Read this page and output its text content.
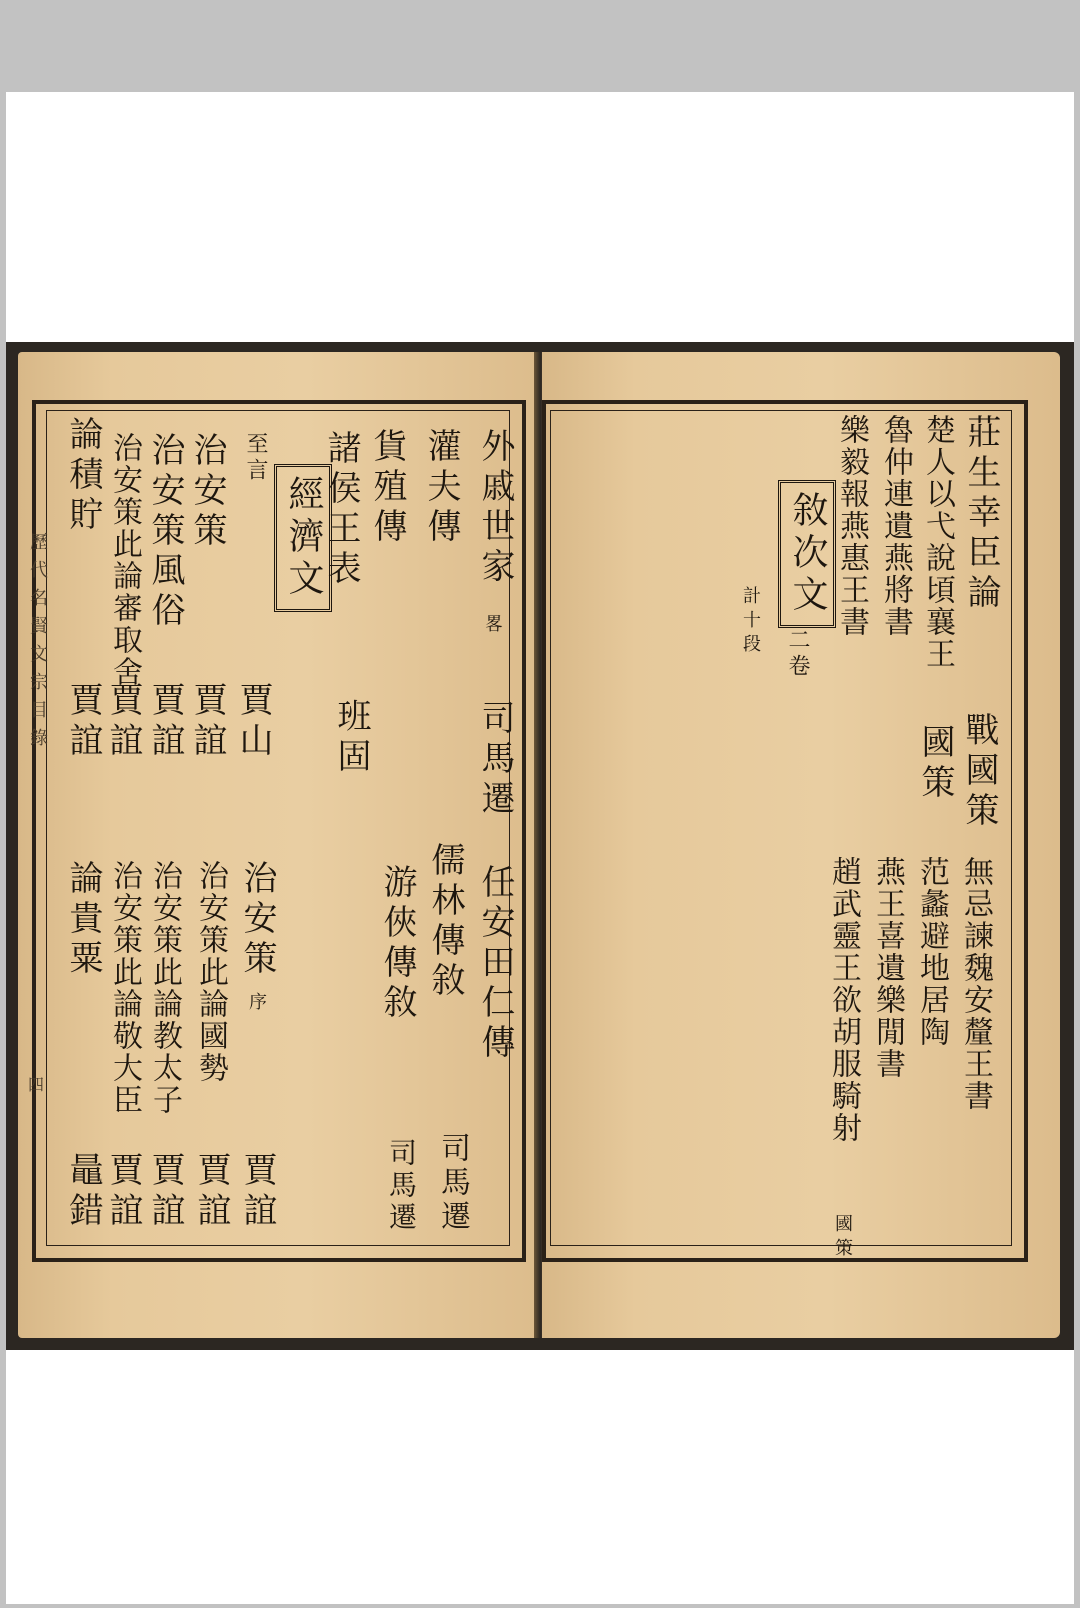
歷代名賢文宗目錄
四
外戚世家
畧
司馬遷
灌夫傳
貨殖傳
諸侯王表
班固
經濟文
至言
賈山
治安策
賈誼
治安策風俗
賈誼
治安策此論審取舍
賈誼
論積貯
賈誼
任安田仁傳
司馬遷
儒林傳敘
游俠傳敘
司馬遷
治安策
序
賈誼
治安策此論國勢
賈誼
治安策此論教太子
賈誼
治安策此論敬大臣
賈誼
論貴粟
鼂錯
莊生幸臣論
戰國策
楚人以弋說頃襄王
國策
魯仲連遺燕將書
樂毅報燕惠王書
敘次文
二卷
計十段
無忌諫魏安釐王書
范蠡避地居陶
燕王喜遺樂閒書
趙武靈王欲胡服騎射
國策
